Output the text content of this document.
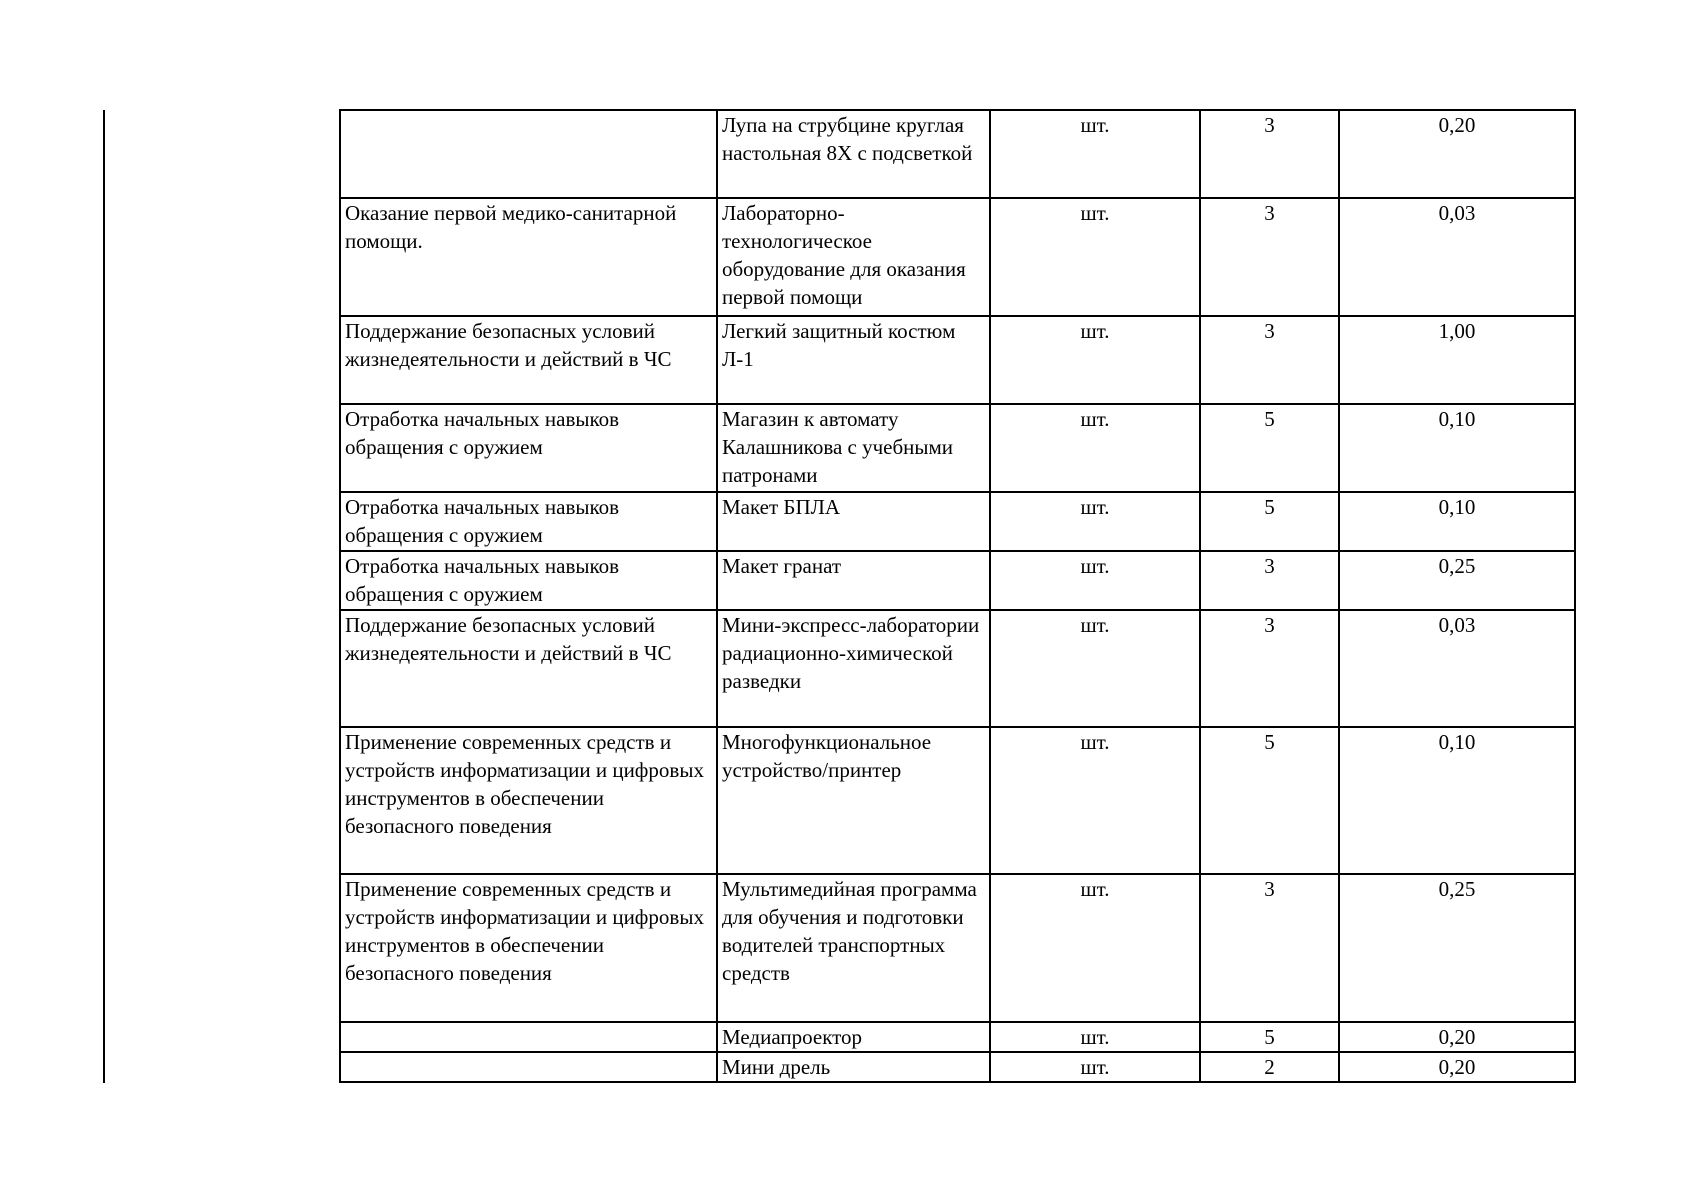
	Лупа на струбцине круглая настольная 8Х с подсветкой	шт.	3	0,20
Оказание первой медико-санитарной помощи.	Лабораторно-технологическое оборудование для оказания первой помощи	шт.	3	0,03
Поддержание безопасных условий жизнедеятельности и действий в ЧС	Легкий защитный костюм Л-1	шт.	3	1,00
Отработка начальных навыков обращения с оружием	Магазин к автомату Калашникова с учебными патронами	шт.	5	0,10
Отработка начальных навыков обращения с оружием	Макет БПЛА	шт.	5	0,10
Отработка начальных навыков обращения с оружием	Макет гранат	шт.	3	0,25
Поддержание безопасных условий жизнедеятельности и действий в ЧС	Мини-экспресс-лаборатории радиационно-химической разведки	шт.	3	0,03
Применение современных средств и устройств информатизации и цифровых инструментов в обеспечении безопасного поведения	Многофункциональное устройство/принтер	шт.	5	0,10
Применение современных средств и устройств информатизации и цифровых инструментов в обеспечении безопасного поведения	Мультимедийная программа для обучения и подготовки водителей транспортных средств	шт.	3	0,25
	Медиапроектор	шт.	5	0,20
	Мини дрель	шт.	2	0,20
